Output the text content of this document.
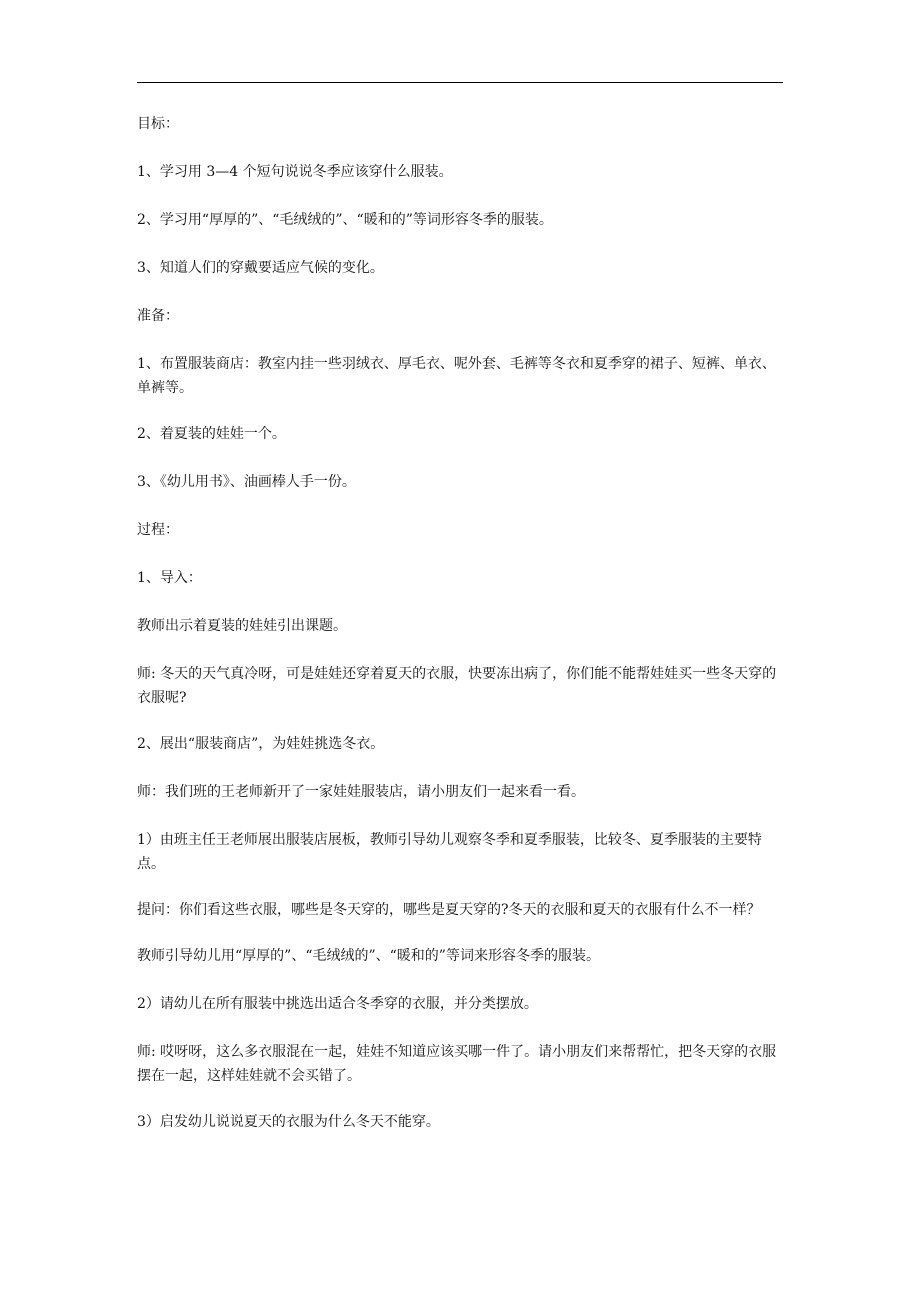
目标：

1、学习用 3—4 个短句说说冬季应该穿什么服装。

2、学习用“厚厚的”、“毛绒绒的”、“暖和的”等词形容冬季的服装。

3、知道人们的穿戴要适应气候的变化。

准备：

1、布置服装商店：教室内挂一些羽绒衣、厚毛衣、呢外套、毛裤等冬衣和夏季穿的裙子、短裤、单衣、单裤等。

2、着夏装的娃娃一个。

3、《幼儿用书》、油画棒人手一份。

过程：

1、导入：

教师出示着夏装的娃娃引出课题。

师: 冬天的天气真冷呀，可是娃娃还穿着夏天的衣服，快要冻出病了，你们能不能帮娃娃买一些冬天穿的衣服呢?

2、展出“服装商店”，为娃娃挑选冬衣。

师：我们班的王老师新开了一家娃娃服装店，请小朋友们一起来看一看。

1）由班主任王老师展出服装店展板，教师引导幼儿观察冬季和夏季服装，比较冬、夏季服装的主要特点。

提问：你们看这些衣服，哪些是冬天穿的，哪些是夏天穿的?冬天的衣服和夏天的衣服有什么不一样？

教师引导幼儿用“厚厚的”、“毛绒绒的”、“暖和的”等词来形容冬季的服装。

2）请幼儿在所有服装中挑选出适合冬季穿的衣服，并分类摆放。

师: 哎呀呀，这么多衣服混在一起，娃娃不知道应该买哪一件了。请小朋友们来帮帮忙，把冬天穿的衣服摆在一起，这样娃娃就不会买错了。

3）启发幼儿说说夏天的衣服为什么冬天不能穿。
